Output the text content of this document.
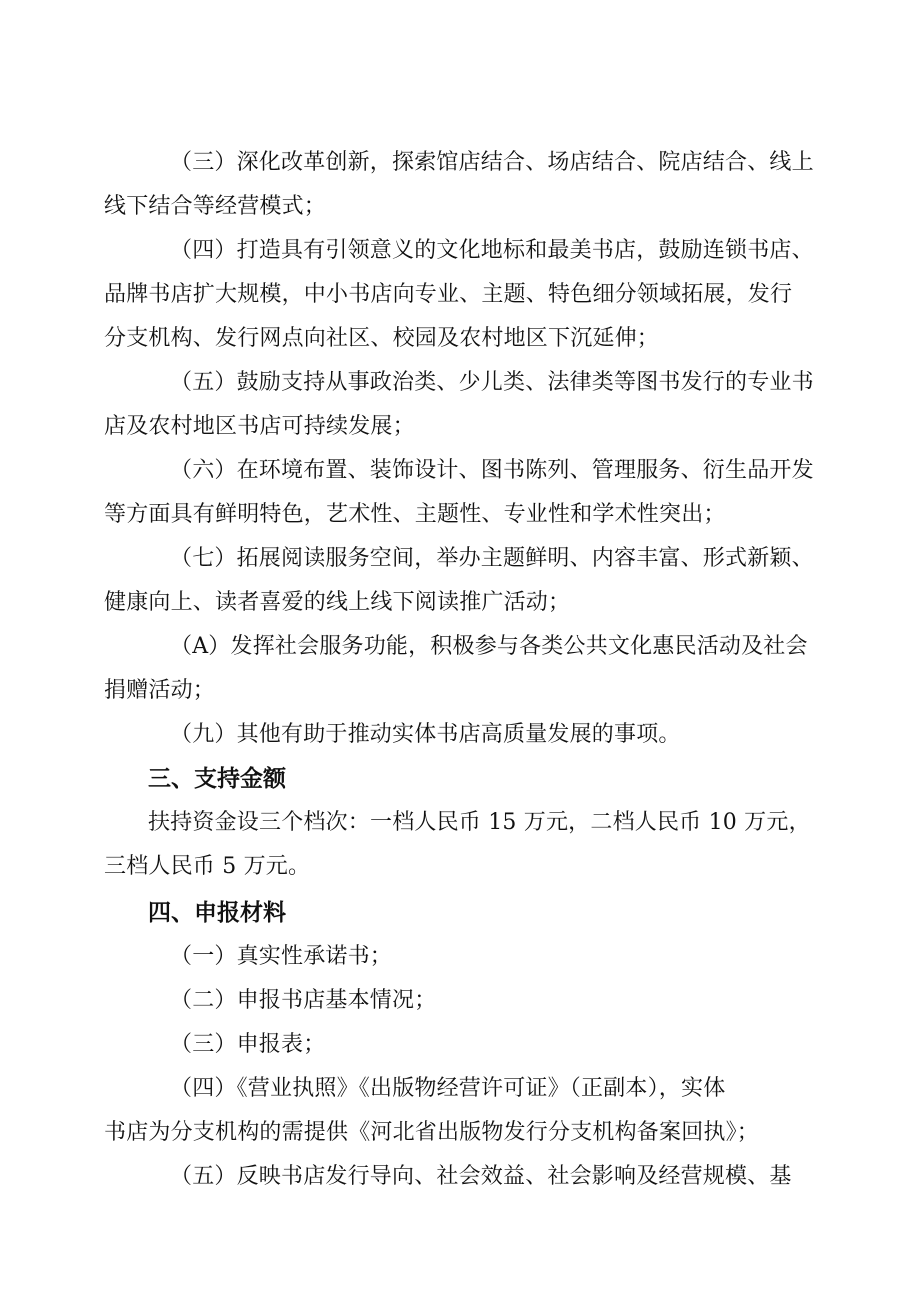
（三）深化改革创新，探索馆店结合、场店结合、院店结合、线上
线下结合等经营模式；
（四）打造具有引领意义的文化地标和最美书店，鼓励连锁书店、
品牌书店扩大规模，中小书店向专业、主题、特色细分领域拓展，发行
分支机构、发行网点向社区、校园及农村地区下沉延伸；
（五）鼓励支持从事政治类、少儿类、法律类等图书发行的专业书
店及农村地区书店可持续发展；
（六）在环境布置、装饰设计、图书陈列、管理服务、衍生品开发
等方面具有鲜明特色，艺术性、主题性、专业性和学术性突出；
（七）拓展阅读服务空间，举办主题鲜明、内容丰富、形式新颖、
健康向上、读者喜爱的线上线下阅读推广活动；
（A）发挥社会服务功能，积极参与各类公共文化惠民活动及社会
捐赠活动；
（九）其他有助于推动实体书店高质量发展的事项。
三、支持金额
扶持资金设三个档次：一档人民币 15 万元，二档人民币 10 万元，
三档人民币 5 万元。
四、申报材料
（一）真实性承诺书；
（二）申报书店基本情况；
（三）申报表；
（四）《营业执照》《出版物经营许可证》（正副本），实体
书店为分支机构的需提供《河北省出版物发行分支机构备案回执》；
（五）反映书店发行导向、社会效益、社会影响及经营规模、基
